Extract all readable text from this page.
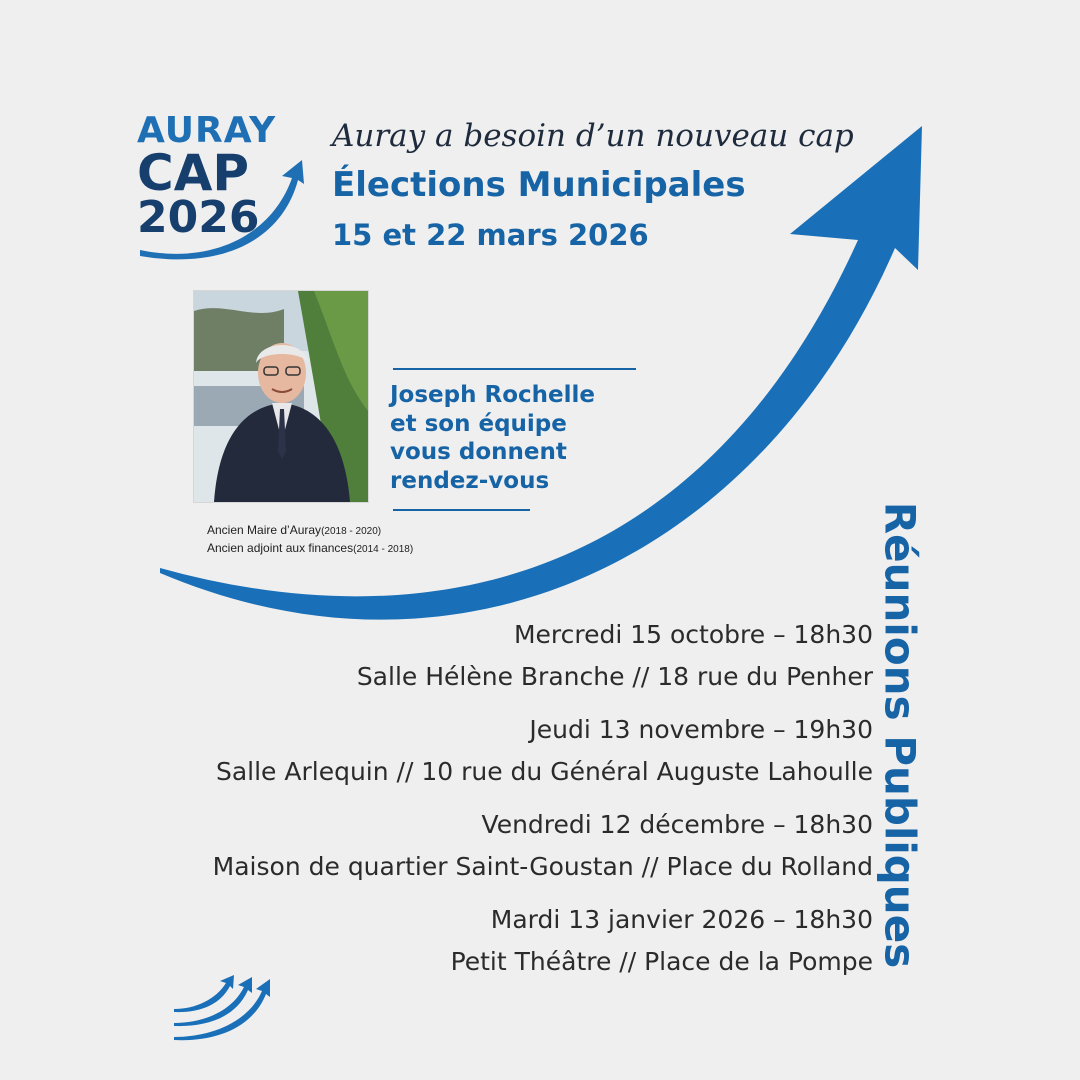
AURAY
CAP
2026
Auray a besoin d’un nouveau cap
Élections Municipales
15 et 22 mars 2026
Joseph Rochelle
et son équipe
vous donnent
rendez-vous
Ancien Maire d’Auray(2018 - 2020)
Ancien adjoint aux finances(2014 - 2018)	Réunions Publiques
Mercredi 15 octobre – 18h30
Salle Hélène Branche // 18 rue du Penher
Jeudi 13 novembre – 19h30
Salle Arlequin // 10 rue du Général Auguste Lahoulle
Vendredi 12 décembre – 18h30
Maison de quartier Saint-Goustan // Place du Rolland
Mardi 13 janvier 2026 – 18h30
Petit Théâtre // Place de la Pompe
